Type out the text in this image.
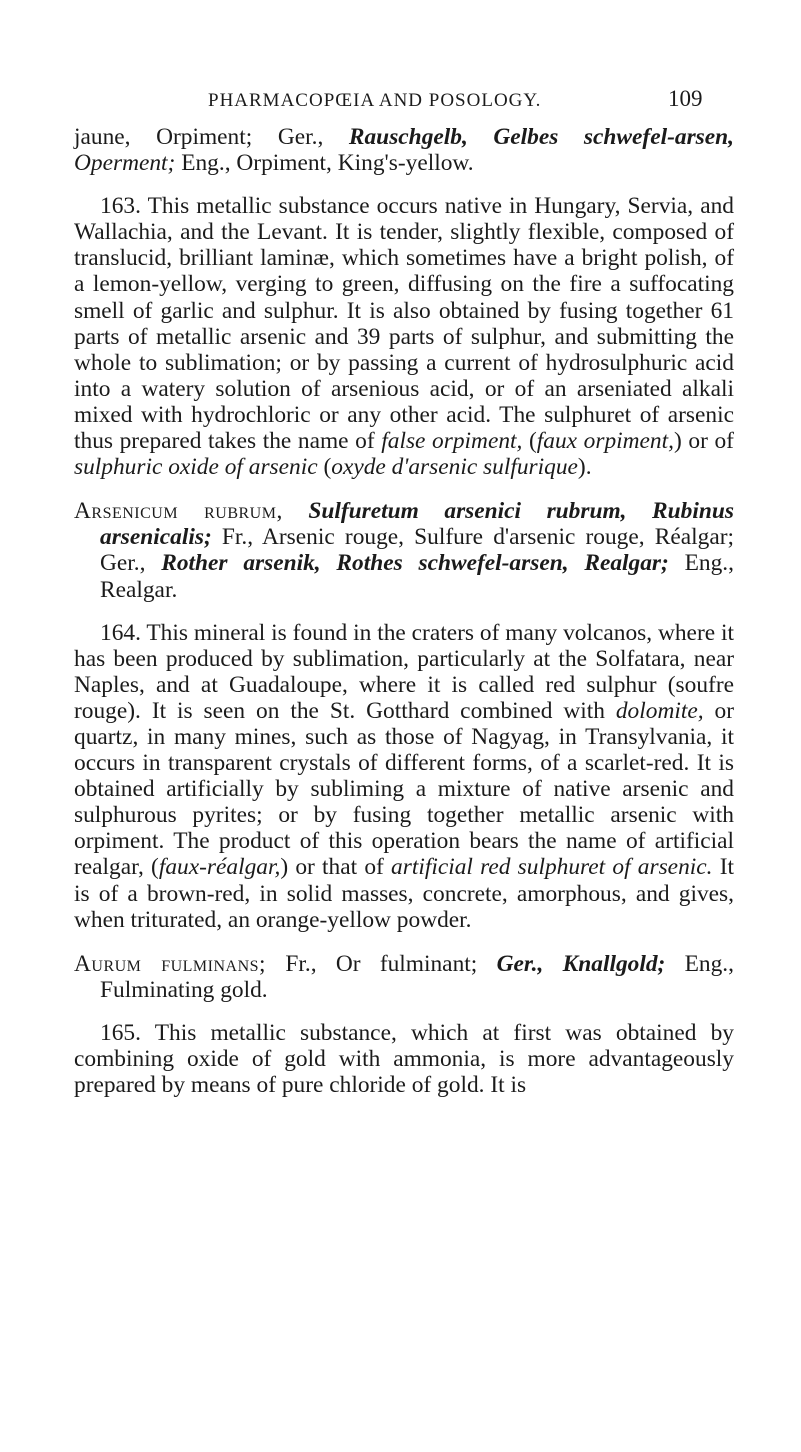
PHARMACOPŒIA AND POSOLOGY.	109

jaune, Orpiment; Ger., Rauschgelb, Gelbes schwefel-arsen, Operment; Eng., Orpiment, King's-yellow.

163. This metallic substance occurs native in Hungary, Servia, and Wallachia, and the Levant. It is tender, slightly flexible, composed of translucid, brilliant laminæ, which sometimes have a bright polish, of a lemon-yellow, verging to green, diffusing on the fire a suffocating smell of garlic and sulphur. It is also obtained by fusing together 61 parts of metallic arsenic and 39 parts of sulphur, and submitting the whole to sublimation; or by passing a current of hydrosulphuric acid into a watery solution of arsenious acid, or of an arseniated alkali mixed with hydrochloric or any other acid. The sulphuret of arsenic thus prepared takes the name of false orpiment, (faux orpiment,) or of sulphuric oxide of arsenic (oxyde d'arsenic sulfurique).

Arsenicum rubrum, Sulfuretum arsenici rubrum, Rubinus arsenicalis; Fr., Arsenic rouge, Sulfure d'arsenic rouge, Réalgar; Ger., Rother arsenik, Rothes schwefel-arsen, Realgar; Eng., Realgar.

164. This mineral is found in the craters of many volcanos, where it has been produced by sublimation, particularly at the Solfatara, near Naples, and at Guadaloupe, where it is called red sulphur (soufre rouge). It is seen on the St. Gotthard combined with dolomite, or quartz, in many mines, such as those of Nagyag, in Transylvania, it occurs in transparent crystals of different forms, of a scarlet-red. It is obtained artificially by subliming a mixture of native arsenic and sulphurous pyrites; or by fusing together metallic arsenic with orpiment. The product of this operation bears the name of artificial realgar, (faux-réalgar,) or that of artificial red sulphuret of arsenic. It is of a brown-red, in solid masses, concrete, amorphous, and gives, when triturated, an orange-yellow powder.

Aurum fulminans; Fr., Or fulminant; Ger., Knallgold; Eng., Fulminating gold.

165. This metallic substance, which at first was obtained by combining oxide of gold with ammonia, is more advantageously prepared by means of pure chloride of gold. It is
